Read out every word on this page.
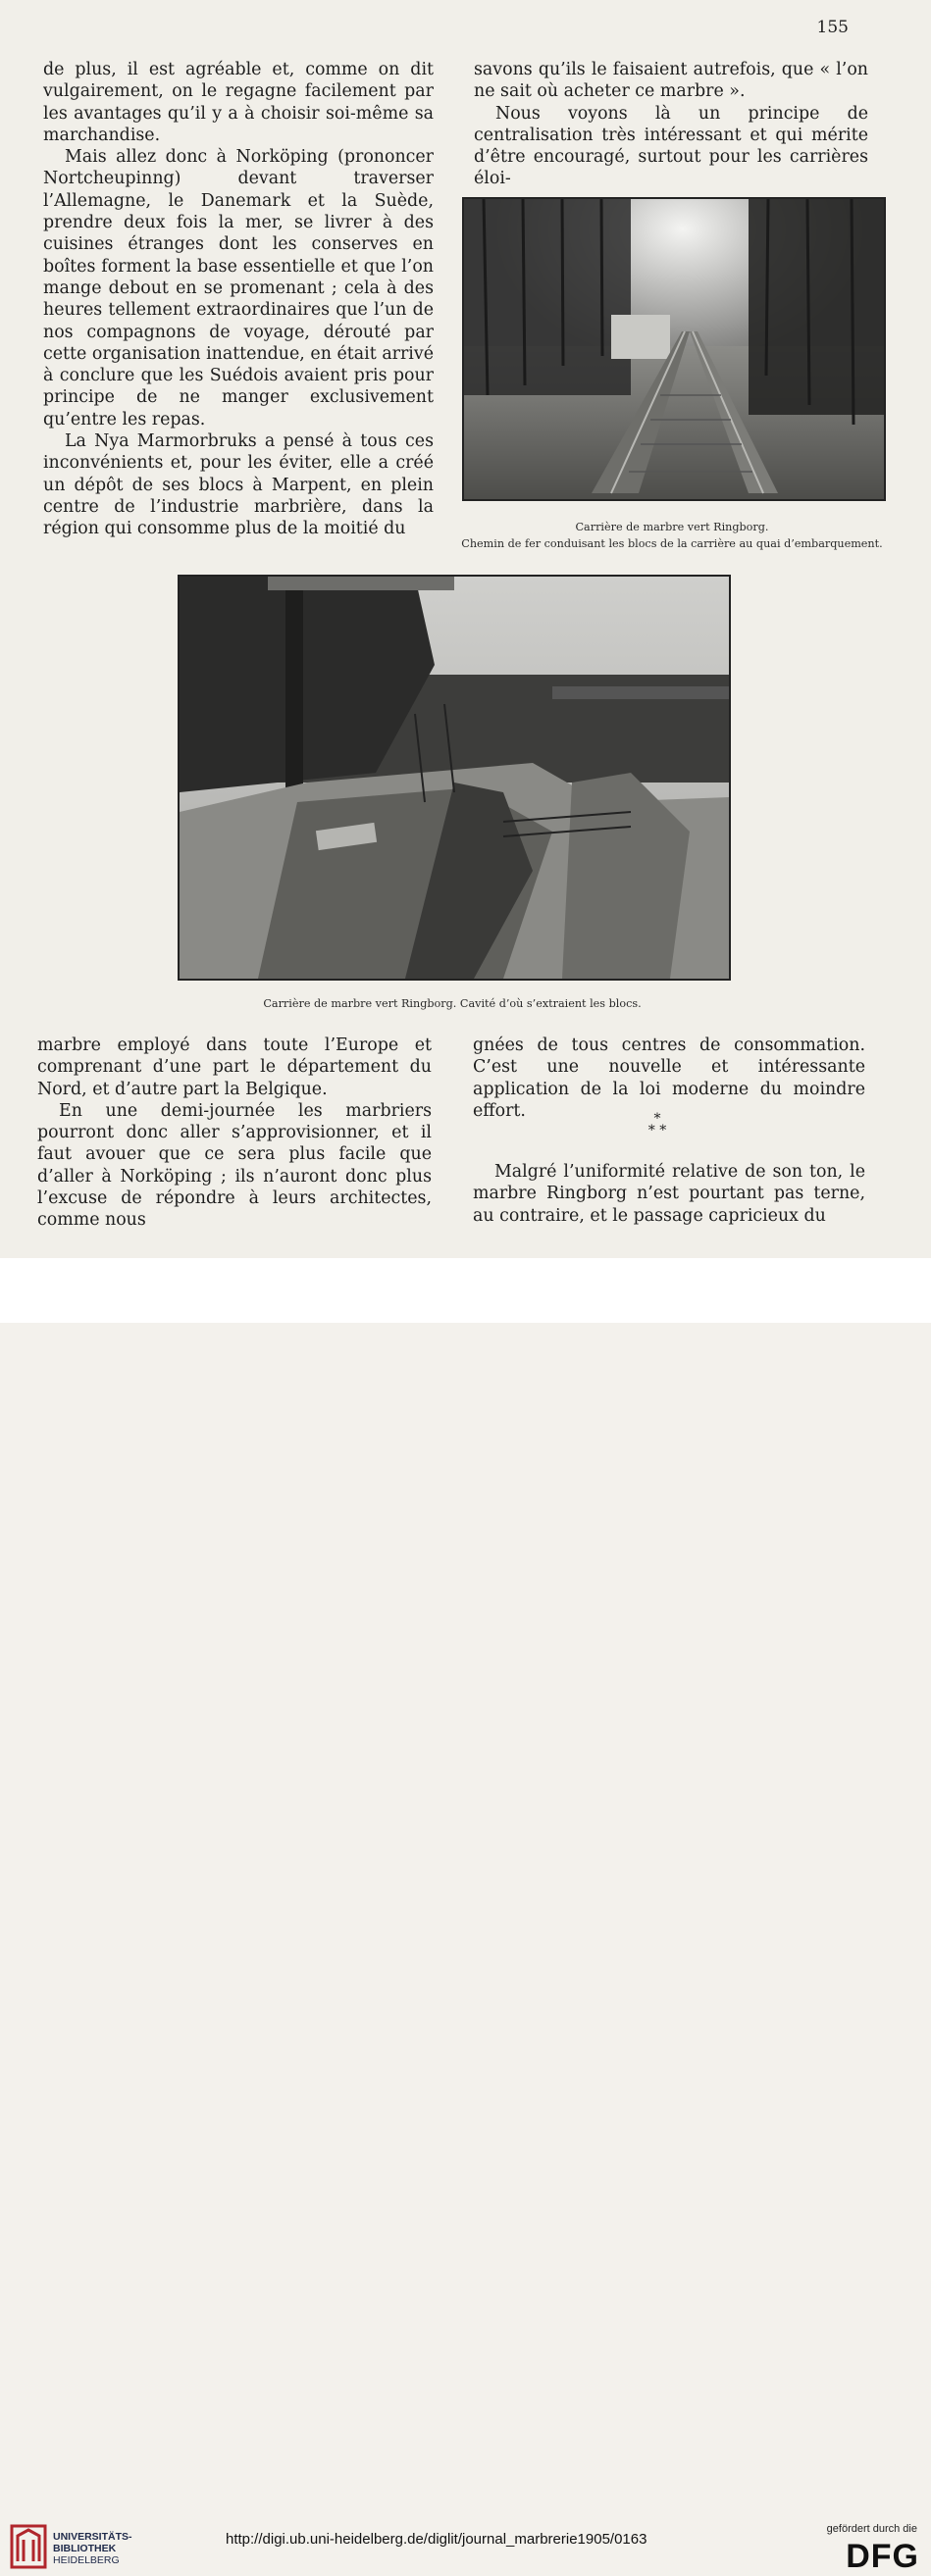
155

de plus, il est agréable et, comme on dit vulgairement, on le regagne facilement par les avantages qu’il y a à choisir soi-même sa marchandise.

Mais allez donc à Norköping (prononcer Nortcheupinng) devant traverser l’Allemagne, le Danemark et la Suède, prendre deux fois la mer, se livrer à des cuisines étranges dont les conserves en boîtes forment la base essentielle et que l’on mange debout en se promenant ; cela à des heures tellement extraordinaires que l’un de nos compagnons de voyage, dérouté par cette organisation inattendue, en était arrivé à conclure que les Suédois avaient pris pour principe de ne manger exclusivement qu’entre les repas.

La Nya Marmorbruks a pensé à tous ces inconvénients et, pour les éviter, elle a créé un dépôt de ses blocs à Marpent, en plein centre de l’industrie marbrière, dans la région qui consomme plus de la moitié du

savons qu’ils le faisaient autrefois, que « l’on ne sait où acheter ce marbre ».

Nous voyons là un principe de centralisation très intéressant et qui mérite d’être encouragé, surtout pour les carrières éloi-

Carrière de marbre vert Ringborg.
Chemin de fer conduisant les blocs de la carrière au quai d’embarquement.
Carrière de marbre vert Ringborg. Cavité d’où s’extraient les blocs.

marbre employé dans toute l’Europe et comprenant d’une part le département du Nord, et d’autre part la Belgique.

En une demi-journée les marbriers pourront donc aller s’approvisionner, et il faut avouer que ce sera plus facile que d’aller à Norköping ; ils n’auront donc plus l’excuse de répondre à leurs architectes, comme nous

gnées de tous centres de consommation. C’est une nouvelle et intéressante application de la loi moderne du moindre effort.

Malgré l’uniformité relative de son ton, le marbre Ringborg n’est pourtant pas terne, au contraire, et le passage capricieux du

*
* *
UNIVERSITÄTS-
BIBLIOTHEK
HEIDELBERG
http://digi.ub.uni-heidelberg.de/diglit/journal_marbrerie1905/0163
gefördert durch die
DFG
